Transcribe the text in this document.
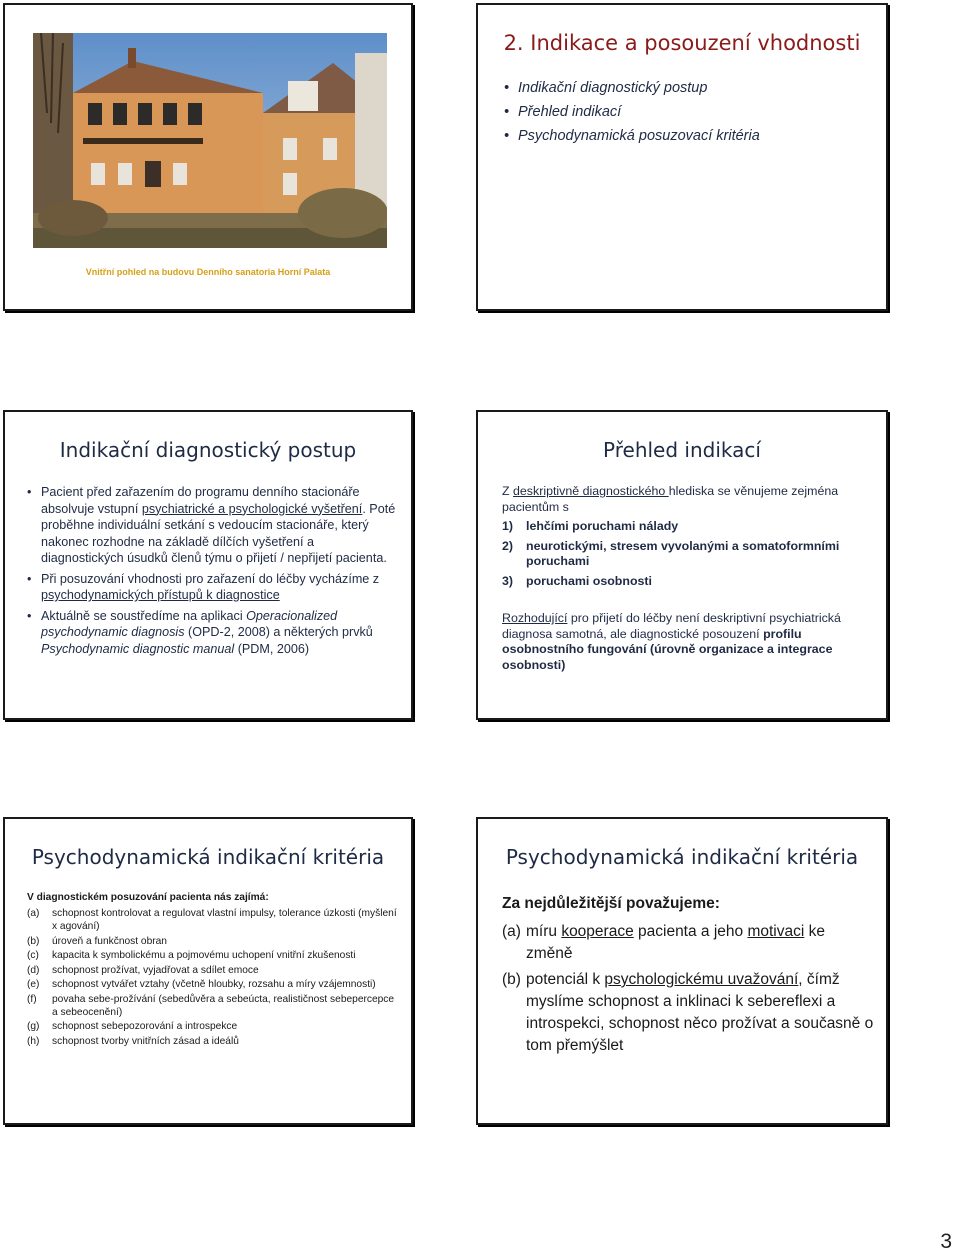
Vnitřní pohled na budovu Denního sanatoria Horní Palata
2. Indikace a posouzení vhodnosti
• Indikační diagnostický postup
• Přehled indikací
• Psychodynamická posuzovací kritéria
Indikační diagnostický postup
• Pacient před zařazením do programu denního stacionáře absolvuje vstupní psychiatrické a psychologické vyšetření. Poté proběhne individuální setkání s vedoucím stacionáře, který nakonec rozhodne na základě dílčích vyšetření a diagnostických úsudků členů týmu o přijetí / nepřijetí pacienta.
• Při posuzování vhodnosti pro zařazení do léčby vycházíme z psychodynamických přístupů k diagnostice
• Aktuálně se soustředíme na aplikaci Operacionalized psychodynamic diagnosis (OPD-2, 2008) a některých prvků Psychodynamic diagnostic manual (PDM, 2006)
Přehled indikací

Z deskriptivně diagnostického hlediska se věnujeme zejména pacientům s

1) lehčími poruchami nálady
2) neurotickými, stresem vyvolanými a somatoformními poruchami
3) poruchami osobnosti

Rozhodující pro přijetí do léčby není deskriptivní psychiatrická diagnosa samotná, ale diagnostické posouzení profilu osobnostního fungování (úrovně organizace a integrace osobnosti)

Psychodynamická indikační kritéria
V diagnostickém posuzování pacienta nás zajímá:
(a) schopnost kontrolovat a regulovat vlastní impulsy, tolerance úzkosti (myšlení x agování)
(b) úroveň a funkčnost obran
(c) kapacita k symbolickému a pojmovému uchopení vnitřní zkušenosti
(d) schopnost prožívat, vyjadřovat a sdílet emoce
(e) schopnost vytvářet vztahy (včetně hloubky, rozsahu a míry vzájemnosti)
(f) povaha sebe-prožívání (sebedůvěra a sebeúcta, realističnost sebepercepce a sebeocenění)
(g) schopnost sebepozorování a introspekce
(h) schopnost tvorby vnitřních zásad a ideálů
Psychodynamická indikační kritéria
Za nejdůležitější považujeme:
(a) míru kooperace pacienta a jeho motivaci ke změně
(b) potenciál k psychologickému uvažování, čímž myslíme schopnost a inklinaci k sebereflexi a introspekci, schopnost něco prožívat a současně o tom přemýšlet
3
